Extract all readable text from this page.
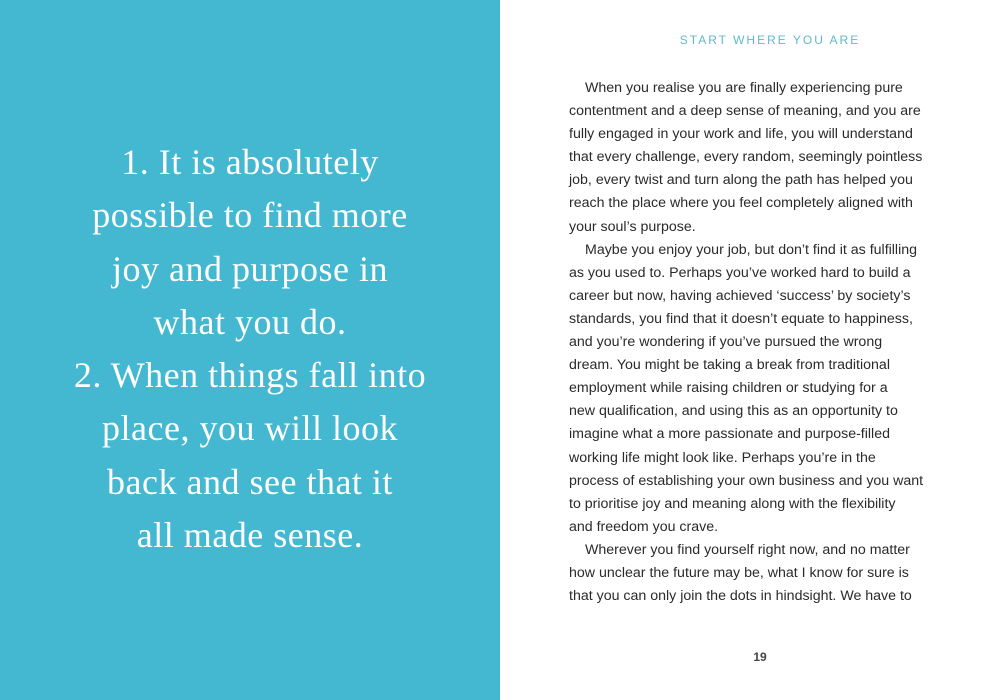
1. It is absolutely
possible to find more
joy and purpose in
what you do.
2. When things fall into
place, you will look
back and see that it
all made sense.
START WHERE YOU ARE
When you realise you are finally experiencing pure
contentment and a deep sense of meaning, and you are
fully engaged in your work and life, you will understand
that every challenge, every random, seemingly pointless
job, every twist and turn along the path has helped you
reach the place where you feel completely aligned with
your soul’s purpose.
Maybe you enjoy your job, but don’t find it as fulfilling
as you used to. Perhaps you’ve worked hard to build a
career but now, having achieved ‘success’ by society’s
standards, you find that it doesn’t equate to happiness,
and you’re wondering if you’ve pursued the wrong
dream. You might be taking a break from traditional
employment while raising children or studying for a
new qualification, and using this as an opportunity to
imagine what a more passionate and purpose-filled
working life might look like. Perhaps you’re in the
process of establishing your own business and you want
to prioritise joy and meaning along with the flexibility
and freedom you crave.
Wherever you find yourself right now, and no matter
how unclear the future may be, what I know for sure is
that you can only join the dots in hindsight. We have to
19
